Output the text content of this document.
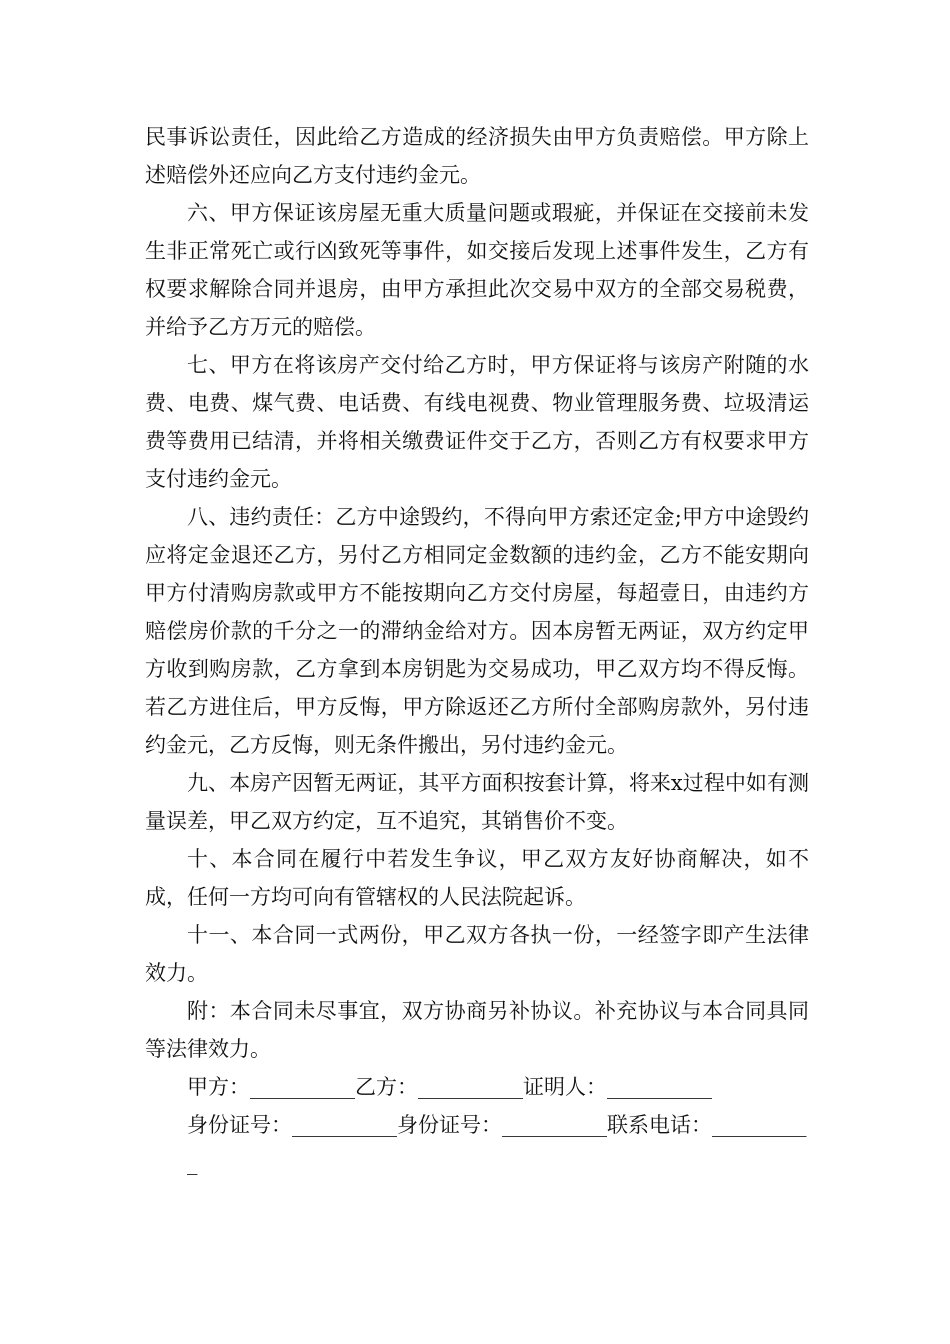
民事诉讼责任，因此给乙方造成的经济损失由甲方负责赔偿。甲方除上述赔偿外还应向乙方支付违约金元。

六、甲方保证该房屋无重大质量问题或瑕疵，并保证在交接前未发生非正常死亡或行凶致死等事件，如交接后发现上述事件发生，乙方有权要求解除合同并退房，由甲方承担此次交易中双方的全部交易税费，并给予乙方万元的赔偿。

七、甲方在将该房产交付给乙方时，甲方保证将与该房产附随的水费、电费、煤气费、电话费、有线电视费、物业管理服务费、垃圾清运费等费用已结清，并将相关缴费证件交于乙方，否则乙方有权要求甲方支付违约金元。

八、违约责任：乙方中途毁约，不得向甲方索还定金;甲方中途毁约应将定金退还乙方，另付乙方相同定金数额的违约金，乙方不能安期向甲方付清购房款或甲方不能按期向乙方交付房屋，每超壹日，由违约方赔偿房价款的千分之一的滞纳金给对方。因本房暂无两证，双方约定甲方收到购房款，乙方拿到本房钥匙为交易成功，甲乙双方均不得反悔。若乙方进住后，甲方反悔，甲方除返还乙方所付全部购房款外，另付违约金元，乙方反悔，则无条件搬出，另付违约金元。

九、本房产因暂无两证，其平方面积按套计算，将来x过程中如有测量误差，甲乙双方约定，互不追究，其销售价不变。

十、本合同在履行中若发生争议，甲乙双方友好协商解决，如不成，任何一方均可向有管辖权的人民法院起诉。

十一、本合同一式两份，甲乙双方各执一份，一经签字即产生法律效力。

附：本合同未尽事宜，双方协商另补协议。补充协议与本合同具同等法律效力。

甲方：__________乙方：__________证明人：__________

身份证号：__________身份证号：__________联系电话：__________
